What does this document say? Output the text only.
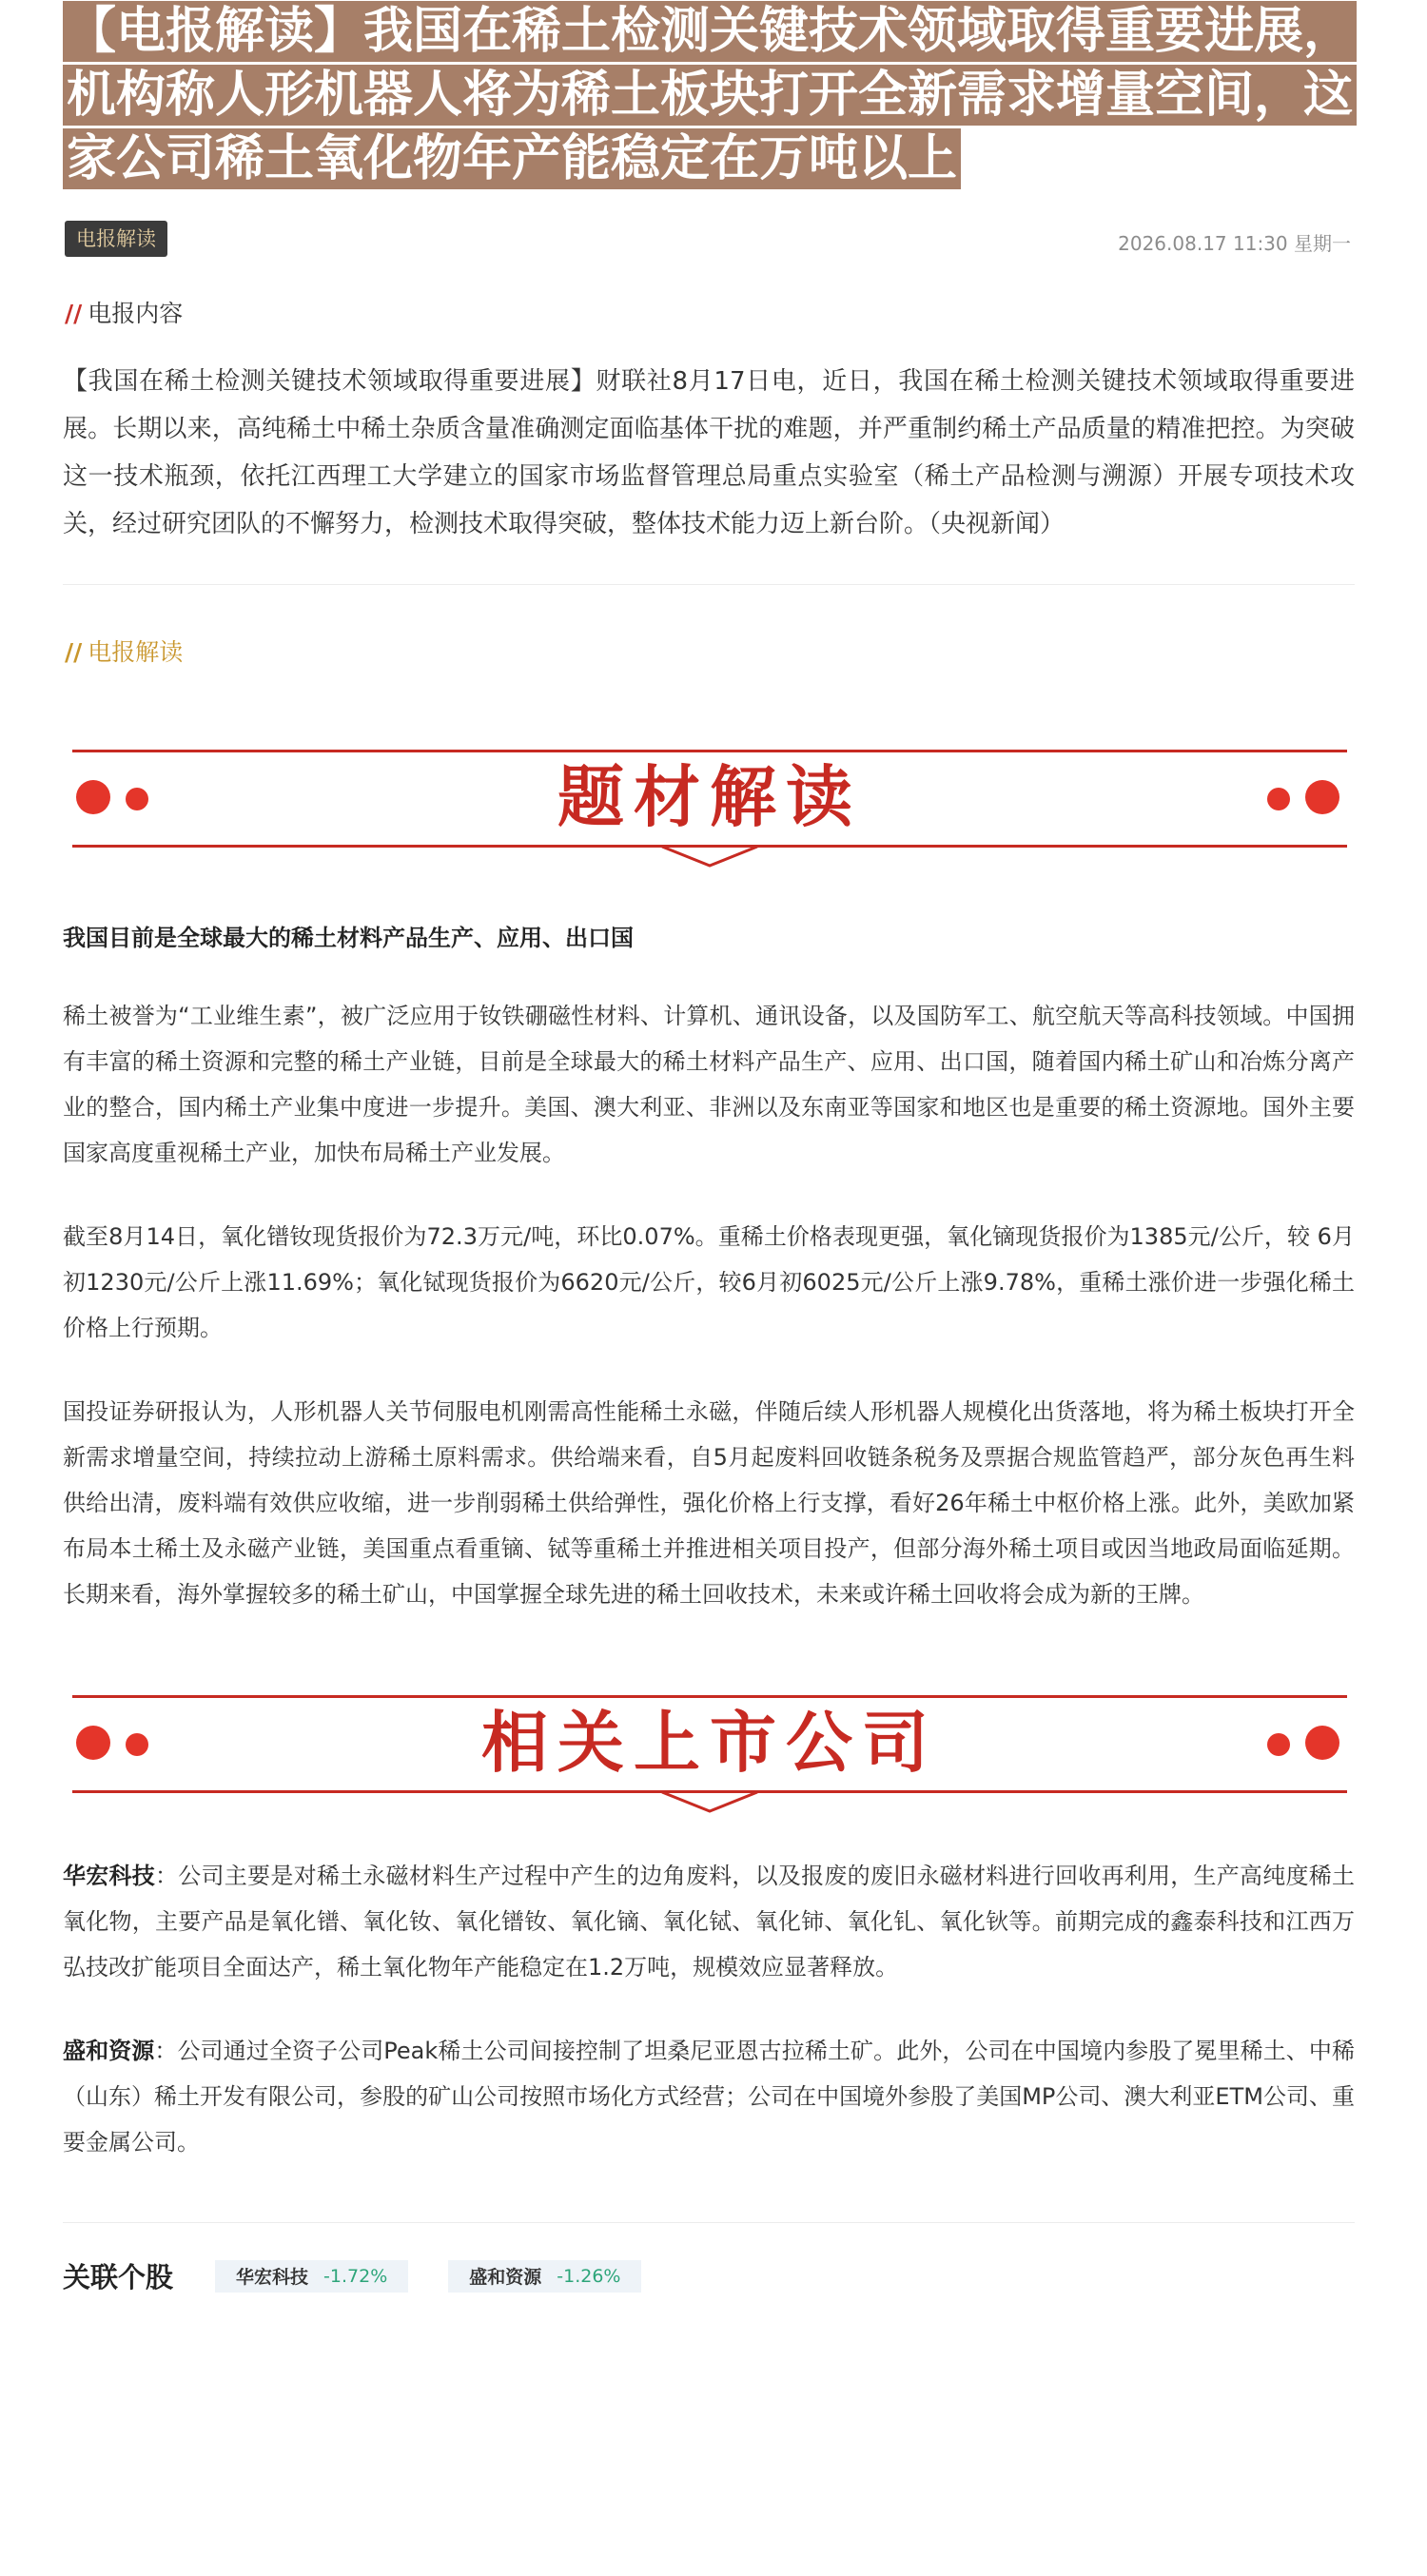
【电报解读】我国在稀土检测关键技术领域取得重要进展，机构称人形机器人将为稀土板块打开全新需求增量空间，这家公司稀土氧化物年产能稳定在万吨以上
电报解读	2026.08.17 11:30 星期一
// 电报内容

【我国在稀土检测关键技术领域取得重要进展】财联社8月17日电，近日，我国在稀土检测关键技术领域取得重要进展。长期以来，高纯稀土中稀土杂质含量准确测定面临基体干扰的难题，并严重制约稀土产品质量的精准把控。为突破这一技术瓶颈，依托江西理工大学建立的国家市场监督管理总局重点实验室（稀土产品检测与溯源）开展专项技术攻关，经过研究团队的不懈努力，检测技术取得突破，整体技术能力迈上新台阶。（央视新闻）

// 电报解读
题材解读
我国目前是全球最大的稀土材料产品生产、应用、出口国

稀土被誉为“工业维生素”，被广泛应用于钕铁硼磁性材料、计算机、通讯设备，以及国防军工、航空航天等高科技领域。中国拥有丰富的稀土资源和完整的稀土产业链，目前是全球最大的稀土材料产品生产、应用、出口国，随着国内稀土矿山和冶炼分离产业的整合，国内稀土产业集中度进一步提升。美国、澳大利亚、非洲以及东南亚等国家和地区也是重要的稀土资源地。国外主要国家高度重视稀土产业，加快布局稀土产业发展。

截至8月14日，氧化镨钕现货报价为72.3万元/吨，环比0.07%。重稀土价格表现更强，氧化镝现货报价为1385元/公斤，较 6月初1230元/公斤上涨11.69%；氧化铽现货报价为6620元/公斤，较6月初6025元/公斤上涨9.78%，重稀土涨价进一步强化稀土价格上行预期。

国投证券研报认为，人形机器人关节伺服电机刚需高性能稀土永磁，伴随后续人形机器人规模化出货落地，将为稀土板块打开全新需求增量空间，持续拉动上游稀土原料需求。供给端来看，自5月起废料回收链条税务及票据合规监管趋严，部分灰色再生料供给出清，废料端有效供应收缩，进一步削弱稀土供给弹性，强化价格上行支撑，看好26年稀土中枢价格上涨。此外，美欧加紧布局本土稀土及永磁产业链，美国重点看重镝、铽等重稀土并推进相关项目投产，但部分海外稀土项目或因当地政局面临延期。长期来看，海外掌握较多的稀土矿山，中国掌握全球先进的稀土回收技术，未来或许稀土回收将会成为新的王牌。

相关上市公司

华宏科技：公司主要是对稀土永磁材料生产过程中产生的边角废料，以及报废的废旧永磁材料进行回收再利用，生产高纯度稀土氧化物，主要产品是氧化镨、氧化钕、氧化镨钕、氧化镝、氧化铽、氧化铈、氧化钆、氧化钬等。前期完成的鑫泰科技和江西万弘技改扩能项目全面达产，稀土氧化物年产能稳定在1.2万吨，规模效应显著释放。

盛和资源：公司通过全资子公司Peak稀土公司间接控制了坦桑尼亚恩古拉稀土矿。此外，公司在中国境内参股了冕里稀土、中稀（山东）稀土开发有限公司，参股的矿山公司按照市场化方式经营；公司在中国境外参股了美国MP公司、澳大利亚ETM公司、重要金属公司。

关联个股	华宏科技 -1.72%	盛和资源 -1.26%
